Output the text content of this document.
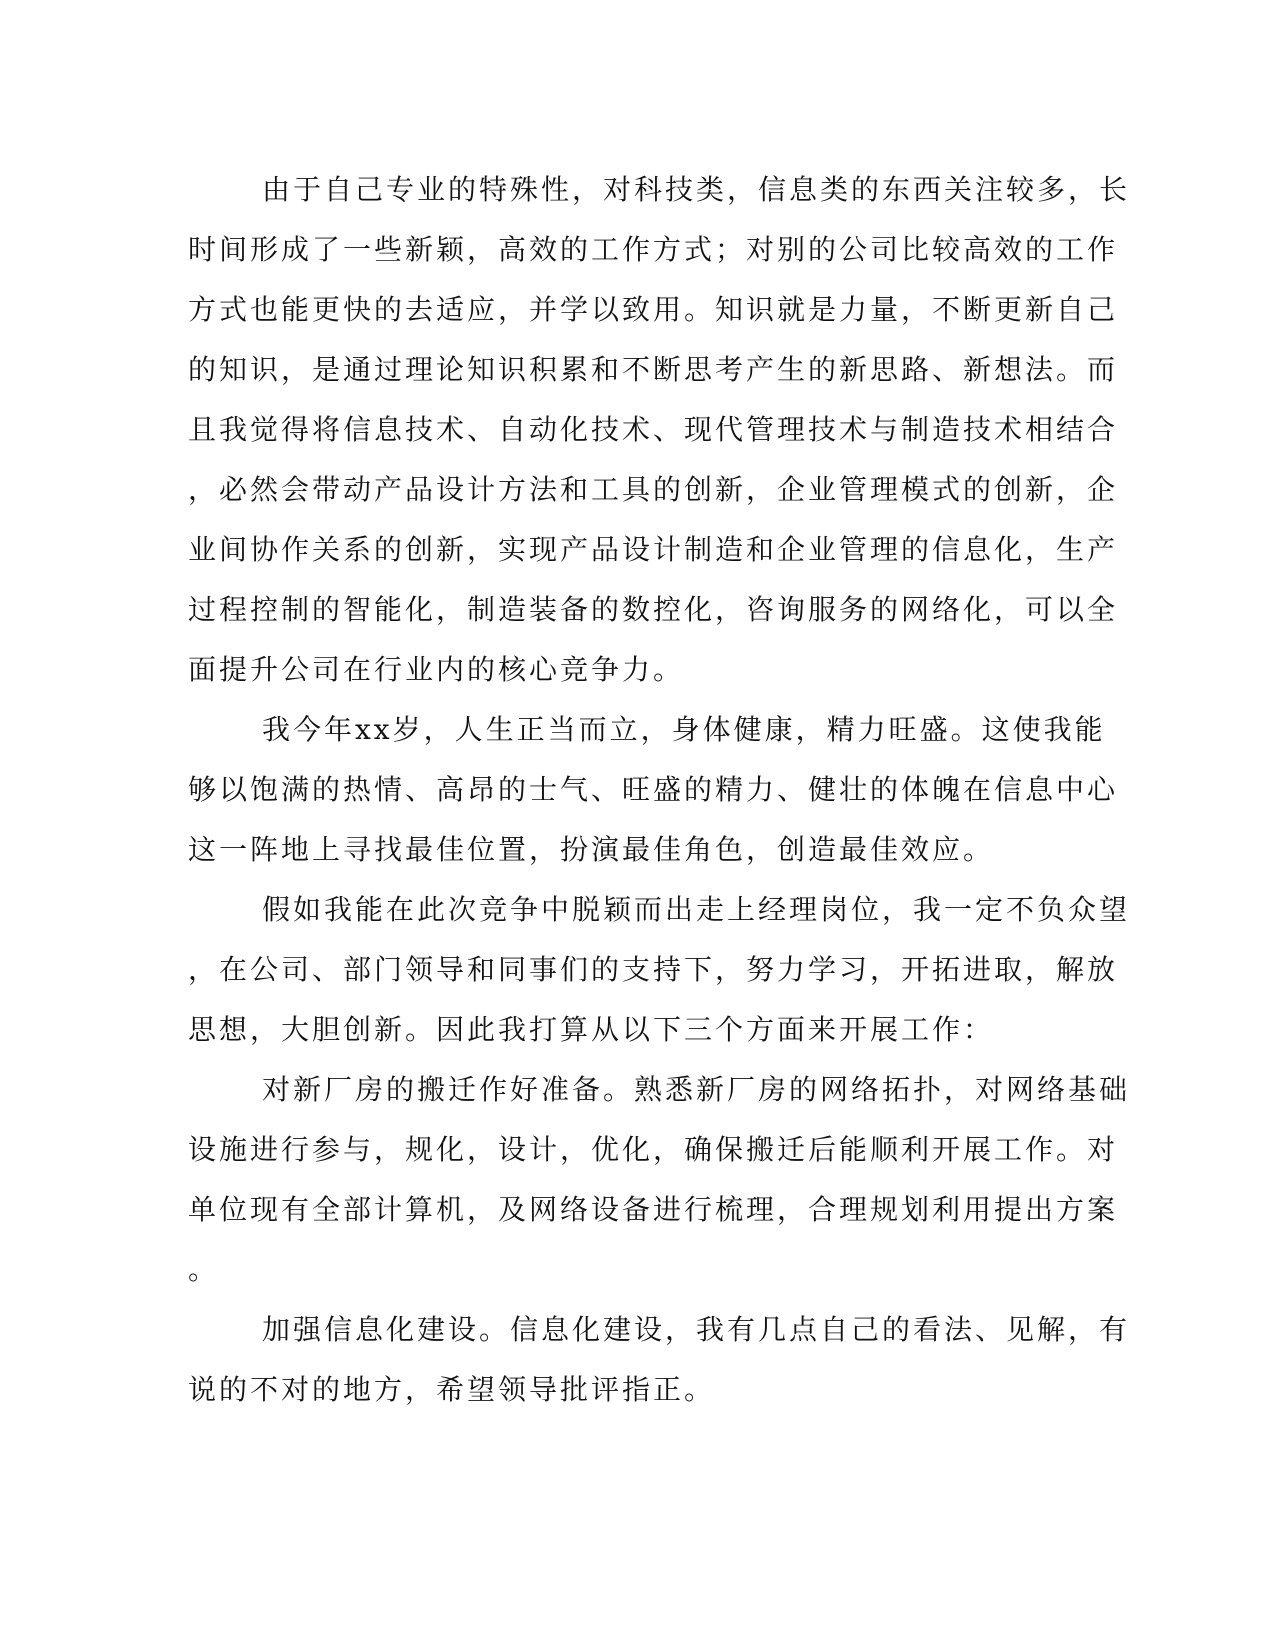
由于自己专业的特殊性，对科技类，信息类的东西关注较多，长
时间形成了一些新颖，高效的工作方式；对别的公司比较高效的工作
方式也能更快的去适应，并学以致用。知识就是力量，不断更新自己
的知识，是通过理论知识积累和不断思考产生的新思路、新想法。而
且我觉得将信息技术、自动化技术、现代管理技术与制造技术相结合
，必然会带动产品设计方法和工具的创新，企业管理模式的创新，企
业间协作关系的创新，实现产品设计制造和企业管理的信息化，生产
过程控制的智能化，制造装备的数控化，咨询服务的网络化，可以全
面提升公司在行业内的核心竞争力。
我今年xx岁，人生正当而立，身体健康，精力旺盛。这使我能
够以饱满的热情、高昂的士气、旺盛的精力、健壮的体魄在信息中心
这一阵地上寻找最佳位置，扮演最佳角色，创造最佳效应。
假如我能在此次竞争中脱颖而出走上经理岗位，我一定不负众望
，在公司、部门领导和同事们的支持下，努力学习，开拓进取，解放
思想，大胆创新。因此我打算从以下三个方面来开展工作：
对新厂房的搬迁作好准备。熟悉新厂房的网络拓扑，对网络基础
设施进行参与，规化，设计，优化，确保搬迁后能顺利开展工作。对
单位现有全部计算机，及网络设备进行梳理，合理规划利用提出方案
。
加强信息化建设。信息化建设，我有几点自己的看法、见解，有
说的不对的地方，希望领导批评指正。
